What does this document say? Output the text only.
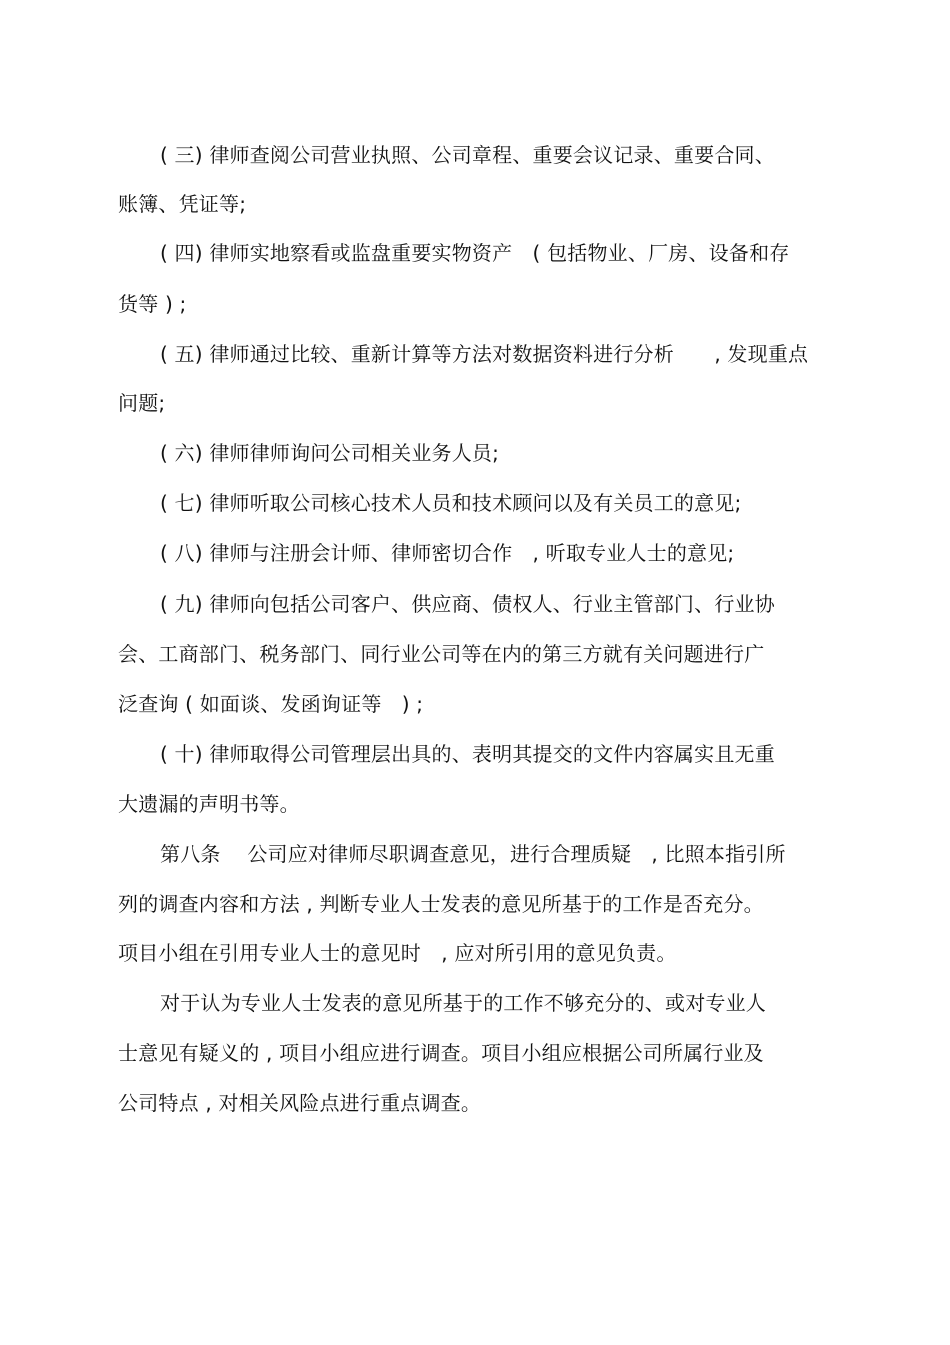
( 三) 律师查阅公司营业执照、公司章程、重要会议记录、重要合同、
账簿、凭证等;
( 四) 律师实地察看或监盘重要实物资产　( 包括物业、厂房、设备和存
货等 ) ;
( 五) 律师通过比较、重新计算等方法对数据资料进行分析　　, 发现重点
问题;
( 六) 律师律师询问公司相关业务人员;
( 七) 律师听取公司核心技术人员和技术顾问以及有关员工的意见;
( 八) 律师与注册会计师、律师密切合作　, 听取专业人士的意见;
( 九) 律师向包括公司客户、供应商、债权人、行业主管部门、行业协
会、工商部门、税务部门、同行业公司等在内的第三方就有关问题进行广
泛查询 ( 如面谈、发函询证等　) ;
( 十) 律师取得公司管理层出具的、表明其提交的文件内容属实且无重
大遗漏的声明书等。
第八条　 公司应对律师尽职调查意见，进行合理质疑　, 比照本指引所
列的调查内容和方法 , 判断专业人士发表的意见所基于的工作是否充分。
项目小组在引用专业人士的意见时　, 应对所引用的意见负责。
对于认为专业人士发表的意见所基于的工作不够充分的、或对专业人
士意见有疑义的 , 项目小组应进行调查。项目小组应根据公司所属行业及
公司特点 , 对相关风险点进行重点调查。
